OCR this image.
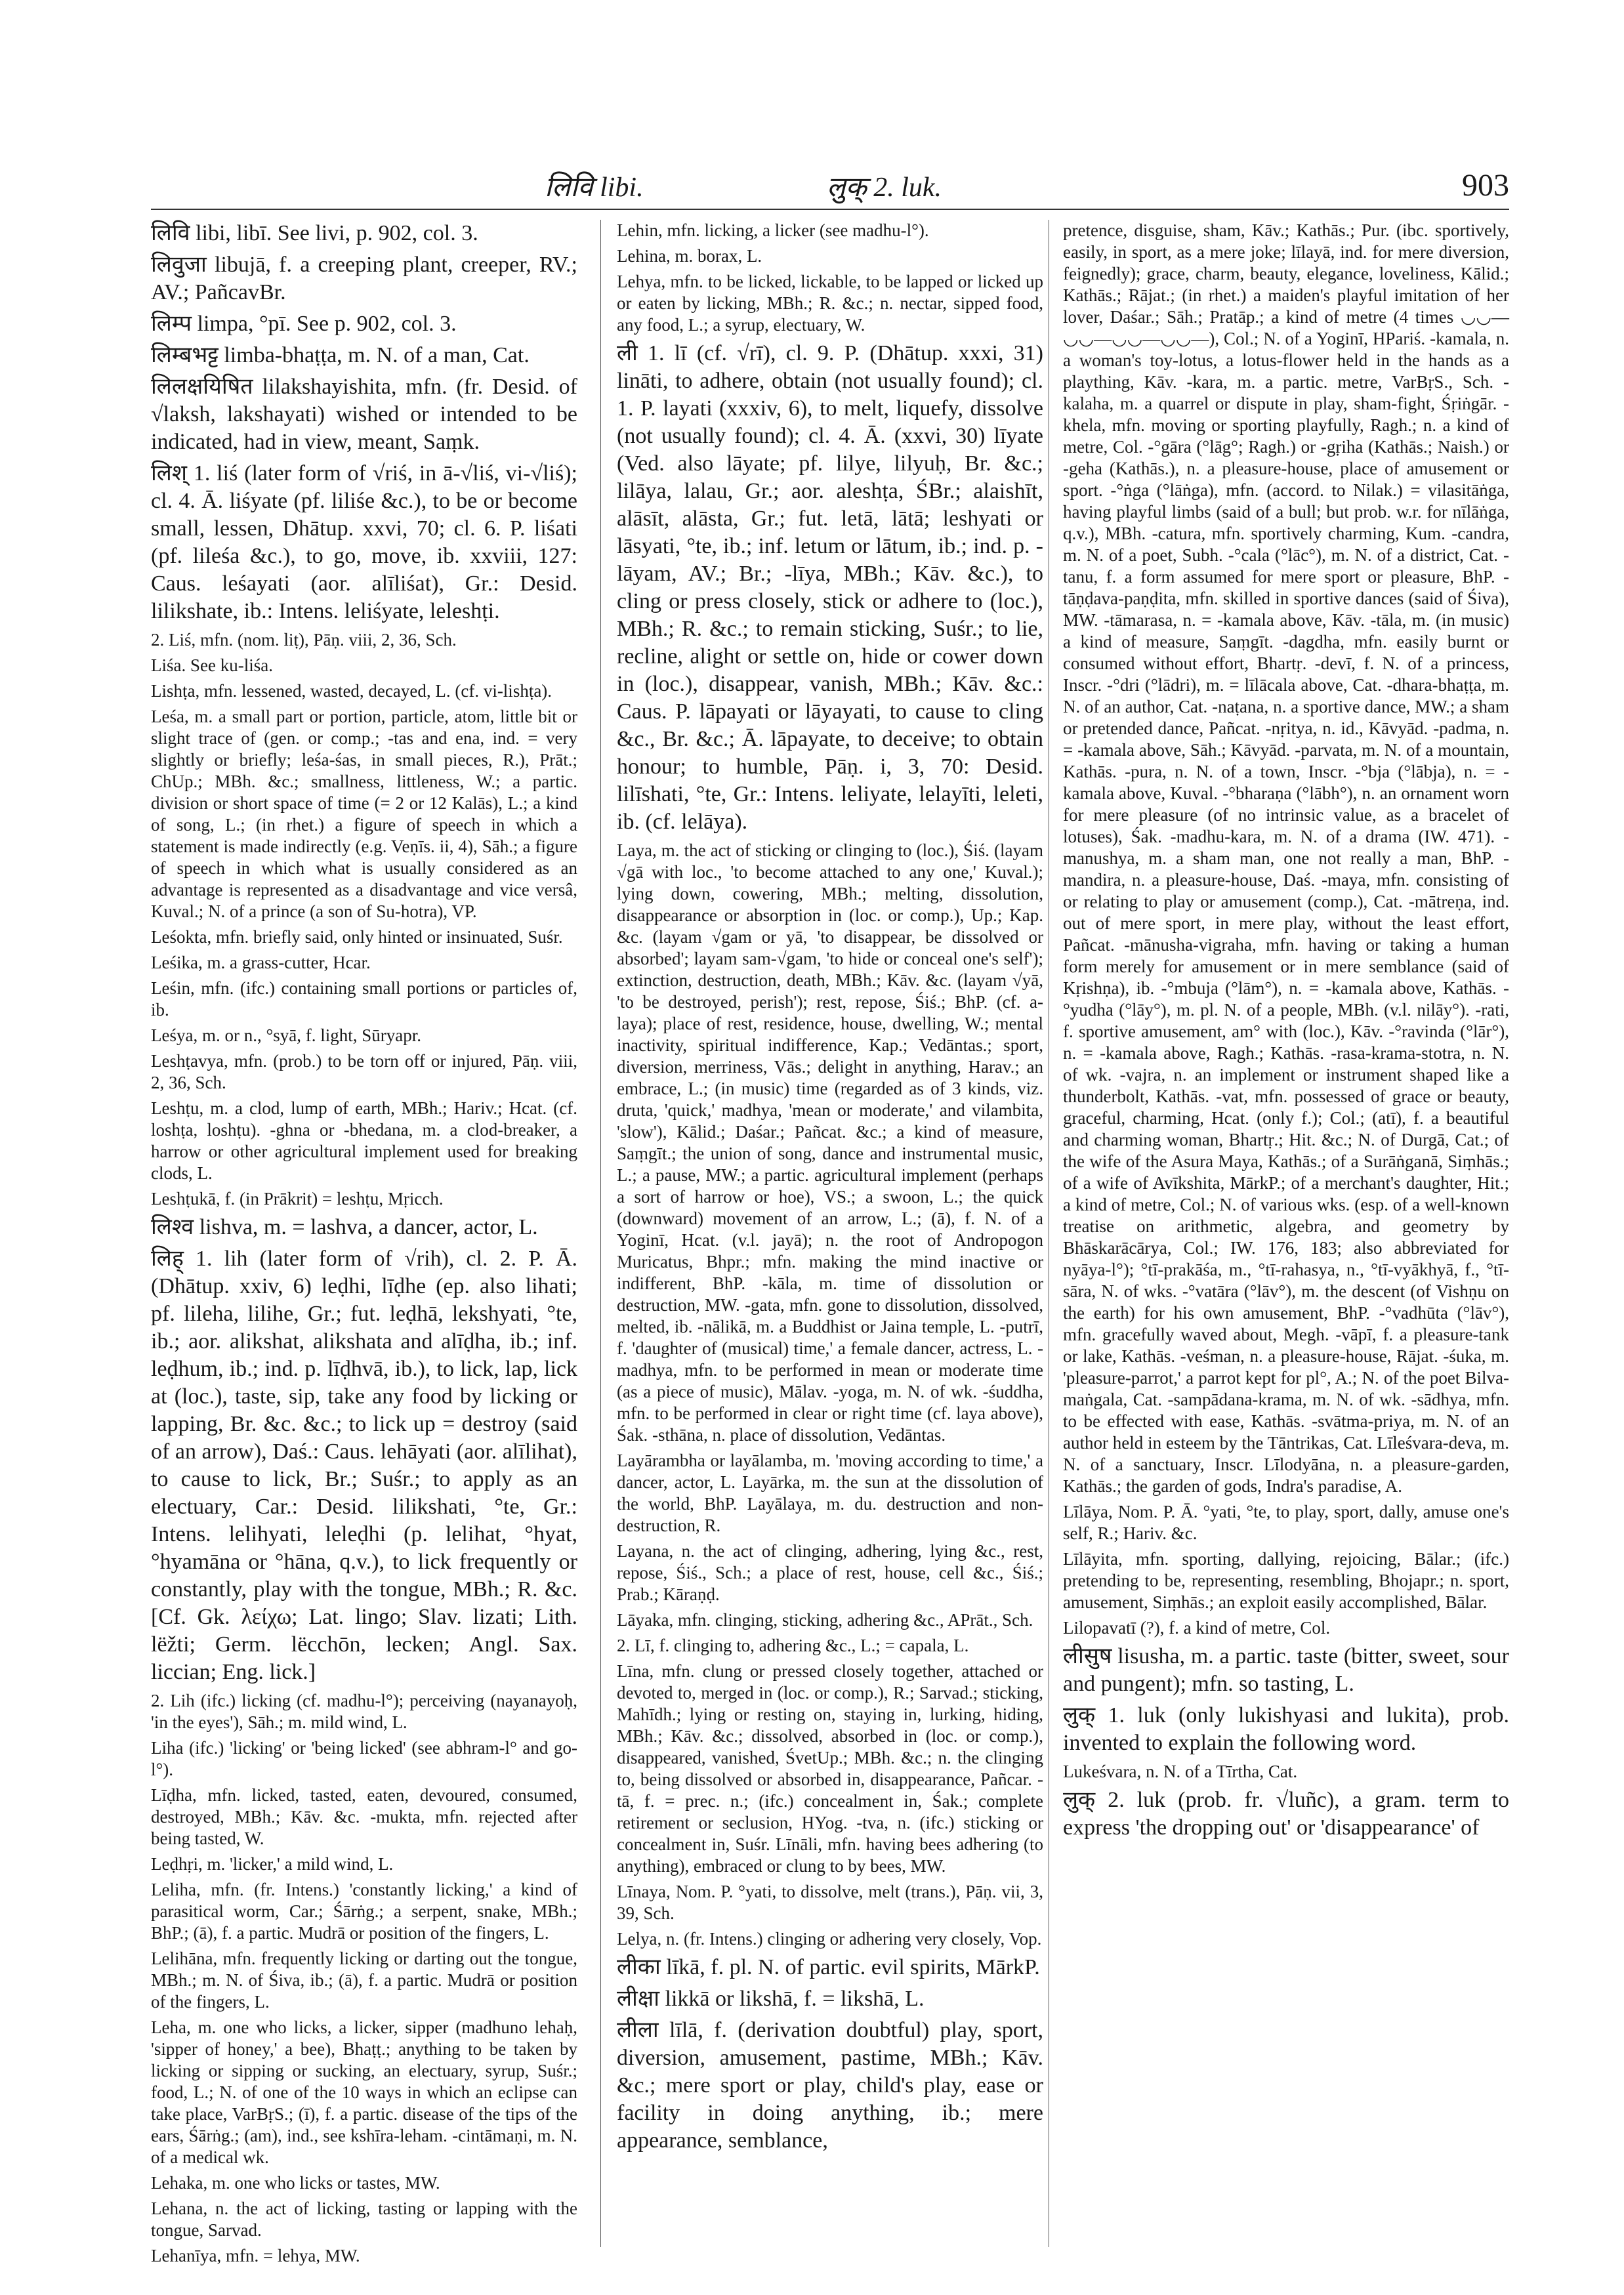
लिवि libi.	लुक् 2. luk.	903

लिवि libi, libī. See livi, p. 902, col. 3.

लिवुजा libujā, f. a creeping plant, creeper, RV.; AV.; PañcavBr.

लिम्प limpa, °pī. See p. 902, col. 3.

लिम्बभट्ट limba-bhaṭṭa, m. N. of a man, Cat.

लिलक्षयिषित lilakshayishita, mfn. (fr. Desid. of √laksh, lakshayati) wished or intended to be indicated, had in view, meant, Saṃk.

लिश् 1. liś (later form of √riś, in ā-√liś, vi-√liś); cl. 4. Ā. liśyate (pf. liliśe &c.), to be or become small, lessen, Dhātup. xxvi, 70; cl. 6. P. liśati (pf. lileśa &c.), to go, move, ib. xxviii, 127: Caus. leśayati (aor. alīliśat), Gr.: Desid. lilikshate, ib.: Intens. leliśyate, leleshṭi.

2. Liś, mfn. (nom. liṭ), Pāṇ. viii, 2, 36, Sch.

Liśa. See ku-liśa.

Lishṭa, mfn. lessened, wasted, decayed, L. (cf. vi-lishṭa).

Leśa, m. a small part or portion, particle, atom, little bit or slight trace of (gen. or comp.; -tas and ena, ind. = very slightly or briefly; leśa-śas, in small pieces, R.), Prāt.; ChUp.; MBh. &c.; smallness, littleness, W.; a partic. division or short space of time (= 2 or 12 Kalās), L.; a kind of song, L.; (in rhet.) a figure of speech in which a statement is made indirectly (e.g. Veṇīs. ii, 4), Sāh.; a figure of speech in which what is usually considered as an advantage is represented as a disadvantage and vice versâ, Kuval.; N. of a prince (a son of Su-hotra), VP.

Leśokta, mfn. briefly said, only hinted or insinuated, Suśr.

Leśika, m. a grass-cutter, Hcar.

Leśin, mfn. (ifc.) containing small portions or particles of, ib.

Leśya, m. or n., °syā, f. light, Sūryapr.

Leshṭavya, mfn. (prob.) to be torn off or injured, Pāṇ. viii, 2, 36, Sch.

Leshṭu, m. a clod, lump of earth, MBh.; Hariv.; Hcat. (cf. loshṭa, loshṭu). -ghna or -bhedana, m. a clod-breaker, a harrow or other agricultural implement used for breaking clods, L.

Leshṭukā, f. (in Prākrit) = leshṭu, Mṛicch.

लिश्व lishva, m. = lashva, a dancer, actor, L.

लिह् 1. lih (later form of √rih), cl. 2. P. Ā. (Dhātup. xxiv, 6) leḍhi, līḍhe (ep. also lihati; pf. lileha, lilihe, Gr.; fut. leḍhā, lekshyati, °te, ib.; aor. alikshat, alikshata and alīḍha, ib.; inf. leḍhum, ib.; ind. p. līḍhvā, ib.), to lick, lap, lick at (loc.), taste, sip, take any food by licking or lapping, Br. &c. &c.; to lick up = destroy (said of an arrow), Daś.: Caus. lehāyati (aor. alīlihat), to cause to lick, Br.; Suśr.; to apply as an electuary, Car.: Desid. lilikshati, °te, Gr.: Intens. lelihyati, leleḍhi (p. lelihat, °hyat, °hyamāna or °hāna, q.v.), to lick frequently or constantly, play with the tongue, MBh.; R. &c. [Cf. Gk. λείχω; Lat. lingo; Slav. lizati; Lith. lëžti; Germ. lëcchōn, lecken; Angl. Sax. liccian; Eng. lick.]

2. Lih (ifc.) licking (cf. madhu-l°); perceiving (nayanayoḥ, 'in the eyes'), Sāh.; m. mild wind, L.

Liha (ifc.) 'licking' or 'being licked' (see abhram-l° and go-l°).

Līḍha, mfn. licked, tasted, eaten, devoured, consumed, destroyed, MBh.; Kāv. &c. -mukta, mfn. rejected after being tasted, W.

Leḍhṛi, m. 'licker,' a mild wind, L.

Leliha, mfn. (fr. Intens.) 'constantly licking,' a kind of parasitical worm, Car.; Śārṅg.; a serpent, snake, MBh.; BhP.; (ā), f. a partic. Mudrā or position of the fingers, L.

Lelihāna, mfn. frequently licking or darting out the tongue, MBh.; m. N. of Śiva, ib.; (ā), f. a partic. Mudrā or position of the fingers, L.

Leha, m. one who licks, a licker, sipper (madhuno lehaḥ, 'sipper of honey,' a bee), Bhaṭṭ.; anything to be taken by licking or sipping or sucking, an electuary, syrup, Suśr.; food, L.; N. of one of the 10 ways in which an eclipse can take place, VarBṛS.; (ī), f. a partic. disease of the tips of the ears, Śārṅg.; (am), ind., see kshīra-leham. -cintāmaṇi, m. N. of a medical wk.

Lehaka, m. one who licks or tastes, MW.

Lehana, n. the act of licking, tasting or lapping with the tongue, Sarvad.

Lehanīya, mfn. = lehya, MW.

Lehin, mfn. licking, a licker (see madhu-l°).

Lehina, m. borax, L.

Lehya, mfn. to be licked, lickable, to be lapped or licked up or eaten by licking, MBh.; R. &c.; n. nectar, sipped food, any food, L.; a syrup, electuary, W.

ली 1. lī (cf. √rī), cl. 9. P. (Dhātup. xxxi, 31) lināti, to adhere, obtain (not usually found); cl. 1. P. layati (xxxiv, 6), to melt, liquefy, dissolve (not usually found); cl. 4. Ā. (xxvi, 30) līyate (Ved. also lāyate; pf. lilye, lilyuḥ, Br. &c.; lilāya, lalau, Gr.; aor. aleshṭa, ŚBr.; alaishīt, alāsīt, alāsta, Gr.; fut. letā, lātā; leshyati or lāsyati, °te, ib.; inf. letum or lātum, ib.; ind. p. -lāyam, AV.; Br.; -līya, MBh.; Kāv. &c.), to cling or press closely, stick or adhere to (loc.), MBh.; R. &c.; to remain sticking, Suśr.; to lie, recline, alight or settle on, hide or cower down in (loc.), disappear, vanish, MBh.; Kāv. &c.: Caus. P. lāpayati or lāyayati, to cause to cling &c., Br. &c.; Ā. lāpayate, to deceive; to obtain honour; to humble, Pāṇ. i, 3, 70: Desid. lilīshati, °te, Gr.: Intens. leliyate, lelayīti, leleti, ib. (cf. lelāya).

Laya, m. the act of sticking or clinging to (loc.), Śiś. (layam √gā with loc., 'to become attached to any one,' Kuval.); lying down, cowering, MBh.; melting, dissolution, disappearance or absorption in (loc. or comp.), Up.; Kap. &c. (layam √gam or yā, 'to disappear, be dissolved or absorbed'; layam sam-√gam, 'to hide or conceal one's self'); extinction, destruction, death, MBh.; Kāv. &c. (layam √yā, 'to be destroyed, perish'); rest, repose, Śiś.; BhP. (cf. a-laya); place of rest, residence, house, dwelling, W.; mental inactivity, spiritual indifference, Kap.; Vedāntas.; sport, diversion, merriness, Vās.; delight in anything, Harav.; an embrace, L.; (in music) time (regarded as of 3 kinds, viz. druta, 'quick,' madhya, 'mean or moderate,' and vilambita, 'slow'), Kālid.; Daśar.; Pañcat. &c.; a kind of measure, Saṃgīt.; the union of song, dance and instrumental music, L.; a pause, MW.; a partic. agricultural implement (perhaps a sort of harrow or hoe), VS.; a swoon, L.; the quick (downward) movement of an arrow, L.; (ā), f. N. of a Yoginī, Hcat. (v.l. jayā); n. the root of Andropogon Muricatus, Bhpr.; mfn. making the mind inactive or indifferent, BhP. -kāla, m. time of dissolution or destruction, MW. -gata, mfn. gone to dissolution, dissolved, melted, ib. -nālikā, m. a Buddhist or Jaina temple, L. -putrī, f. 'daughter of (musical) time,' a female dancer, actress, L. -madhya, mfn. to be performed in mean or moderate time (as a piece of music), Mālav. -yoga, m. N. of wk. -śuddha, mfn. to be performed in clear or right time (cf. laya above), Śak. -sthāna, n. place of dissolution, Vedāntas.

Layārambha or layālamba, m. 'moving according to time,' a dancer, actor, L. Layārka, m. the sun at the dissolution of the world, BhP. Layālaya, m. du. destruction and non-destruction, R.

Layana, n. the act of clinging, adhering, lying &c., rest, repose, Śiś., Sch.; a place of rest, house, cell &c., Śiś.; Prab.; Kāraṇḍ.

Lāyaka, mfn. clinging, sticking, adhering &c., APrāt., Sch.

2. Lī, f. clinging to, adhering &c., L.; = capala, L.

Līna, mfn. clung or pressed closely together, attached or devoted to, merged in (loc. or comp.), R.; Sarvad.; sticking, Mahīdh.; lying or resting on, staying in, lurking, hiding, MBh.; Kāv. &c.; dissolved, absorbed in (loc. or comp.), disappeared, vanished, ŚvetUp.; MBh. &c.; n. the clinging to, being dissolved or absorbed in, disappearance, Pañcar. -tā, f. = prec. n.; (ifc.) concealment in, Śak.; complete retirement or seclusion, HYog. -tva, n. (ifc.) sticking or concealment in, Suśr. Līnāli, mfn. having bees adhering (to anything), embraced or clung to by bees, MW.

Līnaya, Nom. P. °yati, to dissolve, melt (trans.), Pāṇ. vii, 3, 39, Sch.

Lelya, n. (fr. Intens.) clinging or adhering very closely, Vop.

लीका līkā, f. pl. N. of partic. evil spirits, MārkP.

लीक्षा likkā or likshā, f. = likshā, L.

लीला līlā, f. (derivation doubtful) play, sport, diversion, amusement, pastime, MBh.; Kāv. &c.; mere sport or play, child's play, ease or facility in doing anything, ib.; mere appearance, semblance,

pretence, disguise, sham, Kāv.; Kathās.; Pur. (ibc. sportively, easily, in sport, as a mere joke; līlayā, ind. for mere diversion, feignedly); grace, charm, beauty, elegance, loveliness, Kālid.; Kathās.; Rājat.; (in rhet.) a maiden's playful imitation of her lover, Daśar.; Sāh.; Pratāp.; a kind of metre (4 times ◡◡—◡◡—◡◡—◡◡—), Col.; N. of a Yoginī, HPariś. -kamala, n. a woman's toy-lotus, a lotus-flower held in the hands as a plaything, Kāv. -kara, m. a partic. metre, VarBṛS., Sch. -kalaha, m. a quarrel or dispute in play, sham-fight, Śṛiṅgār. -khela, mfn. moving or sporting playfully, Ragh.; n. a kind of metre, Col. -°gāra (°lāg°; Ragh.) or -gṛiha (Kathās.; Naish.) or -geha (Kathās.), n. a pleasure-house, place of amusement or sport. -°ṅga (°lāṅga), mfn. (accord. to Nilak.) = vilasitāṅga, having playful limbs (said of a bull; but prob. w.r. for nīlāṅga, q.v.), MBh. -catura, mfn. sportively charming, Kum. -candra, m. N. of a poet, Subh. -°cala (°lāc°), m. N. of a district, Cat. -tanu, f. a form assumed for mere sport or pleasure, BhP. -tāṇḍava-paṇḍita, mfn. skilled in sportive dances (said of Śiva), MW. -tāmarasa, n. = -kamala above, Kāv. -tāla, m. (in music) a kind of measure, Saṃgīt. -dagdha, mfn. easily burnt or consumed without effort, Bhartṛ. -devī, f. N. of a princess, Inscr. -°dri (°lādri), m. = līlācala above, Cat. -dhara-bhaṭṭa, m. N. of an author, Cat. -naṭana, n. a sportive dance, MW.; a sham or pretended dance, Pañcat. -nṛitya, n. id., Kāvyād. -padma, n. = -kamala above, Sāh.; Kāvyād. -parvata, m. N. of a mountain, Kathās. -pura, n. N. of a town, Inscr. -°bja (°lābja), n. = -kamala above, Kuval. -°bharaṇa (°lābh°), n. an ornament worn for mere pleasure (of no intrinsic value, as a bracelet of lotuses), Śak. -madhu-kara, m. N. of a drama (IW. 471). -manushya, m. a sham man, one not really a man, BhP. -mandira, n. a pleasure-house, Daś. -maya, mfn. consisting of or relating to play or amusement (comp.), Cat. -mātreṇa, ind. out of mere sport, in mere play, without the least effort, Pañcat. -mānusha-vigraha, mfn. having or taking a human form merely for amusement or in mere semblance (said of Kṛishṇa), ib. -°mbuja (°lām°), n. = -kamala above, Kathās. -°yudha (°lāy°), m. pl. N. of a people, MBh. (v.l. nilāy°). -rati, f. sportive amusement, am° with (loc.), Kāv. -°ravinda (°lār°), n. = -kamala above, Ragh.; Kathās. -rasa-krama-stotra, n. N. of wk. -vajra, n. an implement or instrument shaped like a thunderbolt, Kathās. -vat, mfn. possessed of grace or beauty, graceful, charming, Hcat. (only f.); Col.; (atī), f. a beautiful and charming woman, Bhartṛ.; Hit. &c.; N. of Durgā, Cat.; of the wife of the Asura Maya, Kathās.; of a Surāṅganā, Siṃhās.; of a wife of Avīkshita, MārkP.; of a merchant's daughter, Hit.; a kind of metre, Col.; N. of various wks. (esp. of a well-known treatise on arithmetic, algebra, and geometry by Bhāskarācārya, Col.; IW. 176, 183; also abbreviated for nyāya-l°); °tī-prakāśa, m., °tī-rahasya, n., °tī-vyākhyā, f., °tī-sāra, N. of wks. -°vatāra (°lāv°), m. the descent (of Vishṇu on the earth) for his own amusement, BhP. -°vadhūta (°lāv°), mfn. gracefully waved about, Megh. -vāpī, f. a pleasure-tank or lake, Kathās. -veśman, n. a pleasure-house, Rājat. -śuka, m. 'pleasure-parrot,' a parrot kept for pl°, A.; N. of the poet Bilva-maṅgala, Cat. -sampādana-krama, m. N. of wk. -sādhya, mfn. to be effected with ease, Kathās. -svātma-priya, m. N. of an author held in esteem by the Tāntrikas, Cat. Līleśvara-deva, m. N. of a sanctuary, Inscr. Līlodyāna, n. a pleasure-garden, Kathās.; the garden of gods, Indra's paradise, A.

Līlāya, Nom. P. Ā. °yati, °te, to play, sport, dally, amuse one's self, R.; Hariv. &c.

Līlāyita, mfn. sporting, dallying, rejoicing, Bālar.; (ifc.) pretending to be, representing, resembling, Bhojapr.; n. sport, amusement, Siṃhās.; an exploit easily accomplished, Bālar.

Lilopavatī (?), f. a kind of metre, Col.

लीसुष lisusha, m. a partic. taste (bitter, sweet, sour and pungent); mfn. so tasting, L.

लुक् 1. luk (only lukishyasi and lukita), prob. invented to explain the following word.

Lukeśvara, n. N. of a Tīrtha, Cat.

लुक् 2. luk (prob. fr. √luñc), a gram. term to express 'the dropping out' or 'disappearance' of
